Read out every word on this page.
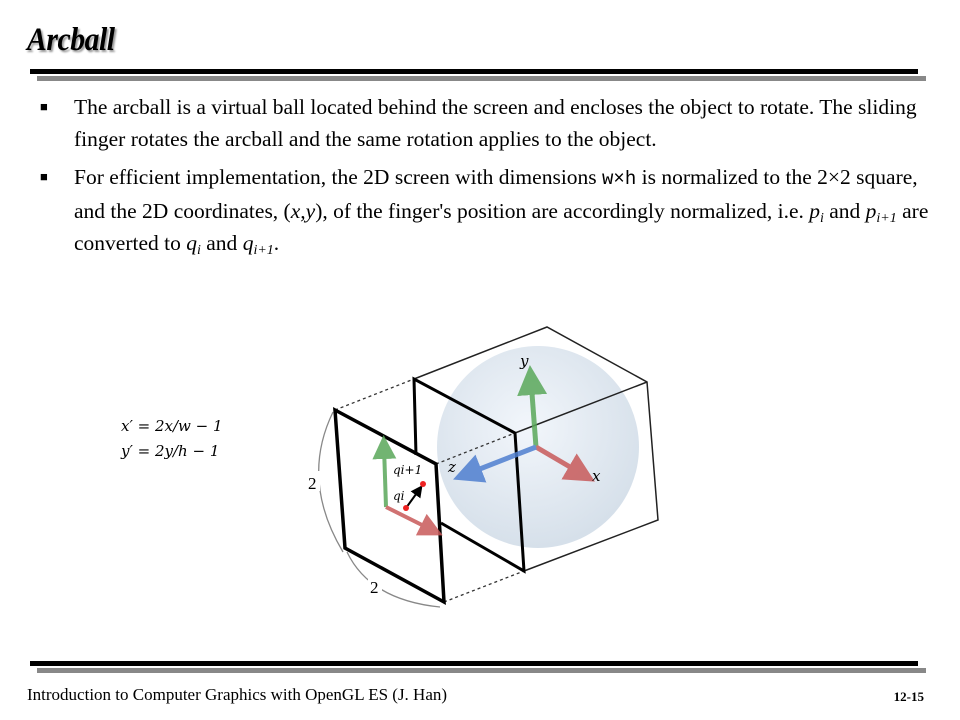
Arcball
■ The arcball is a virtual ball located behind the screen and encloses the object to rotate. The sliding finger rotates the arcball and the same rotation applies to the object.
■ For efficient implementation, the 2D screen with dimensions w×h is normalized to the 2×2 square, and the 2D coordinates, (x,y), of the finger's position are accordingly normalized, i.e. $p_i$ and $p_{i+1}$ are converted to $q_i$ and $q_{i+1}$.
y
x
z
qi+1
qi
2
2
x′ = 2x/w − 1
y′ = 2y/h − 1
Introduction to Computer Graphics with OpenGL ES (J. Han)	12-15
